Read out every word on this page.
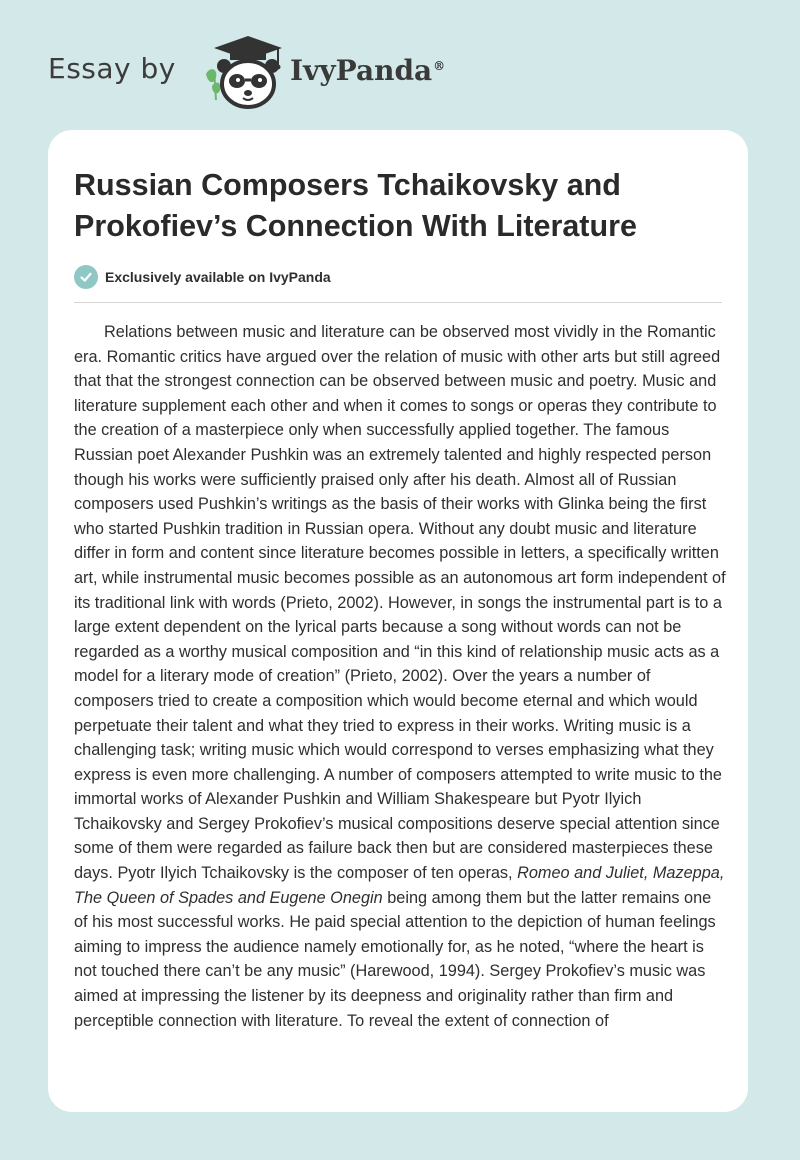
Essay by	IvyPanda®
Russian Composers Tchaikovsky and Prokofiev’s Connection With Literature
Exclusively available on IvyPanda

Relations between music and literature can be observed most vividly in the Romantic era. Romantic critics have argued over the relation of music with other arts but still agreed that that the strongest connection can be observed between music and poetry. Music and literature supplement each other and when it comes to songs or operas they contribute to the creation of a masterpiece only when successfully applied together. The famous Russian poet Alexander Pushkin was an extremely talented and highly respected person though his works were sufficiently praised only after his death. Almost all of Russian composers used Pushkin’s writings as the basis of their works with Glinka being the first who started Pushkin tradition in Russian opera. Without any doubt music and literature differ in form and content since literature becomes possible in letters, a specifically written art, while instrumental music becomes possible as an autonomous art form independent of its traditional link with words (Prieto, 2002). However, in songs the instrumental part is to a large extent dependent on the lyrical parts because a song without words can not be regarded as a worthy musical composition and “in this kind of relationship music acts as a model for a literary mode of creation” (Prieto, 2002). Over the years a number of composers tried to create a composition which would become eternal and which would perpetuate their talent and what they tried to express in their works. Writing music is a challenging task; writing music which would correspond to verses emphasizing what they express is even more challenging. A number of composers attempted to write music to the immortal works of Alexander Pushkin and William Shakespeare but Pyotr Ilyich Tchaikovsky and Sergey Prokofiev’s musical compositions deserve special attention since some of them were regarded as failure back then but are considered masterpieces these days. Pyotr Ilyich Tchaikovsky is the composer of ten operas, Romeo and Juliet, Mazeppa, The Queen of Spades and Eugene Onegin being among them but the latter remains one of his most successful works. He paid special attention to the depiction of human feelings aiming to impress the audience namely emotionally for, as he noted, “where the heart is not touched there can’t be any music” (Harewood, 1994). Sergey Prokofiev’s music was aimed at impressing the listener by its deepness and originality rather than firm and perceptible connection with literature. To reveal the extent of connection of
